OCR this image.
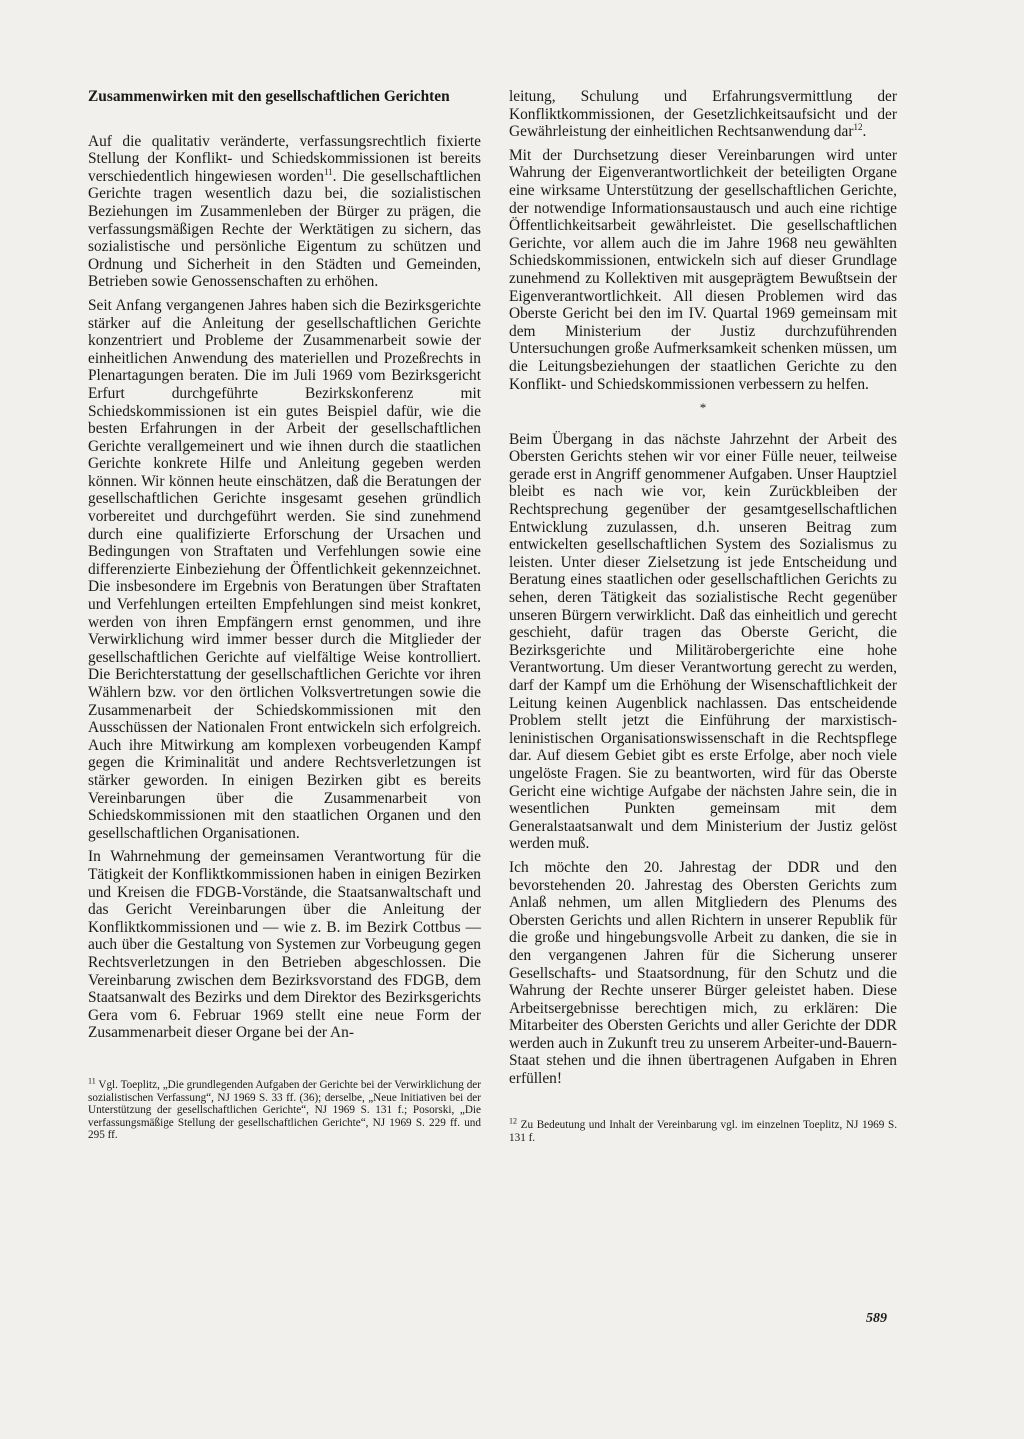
Zusammenwirken mit den gesellschaftlichen Gerichten

Auf die qualitativ veränderte, verfassungsrechtlich fixierte Stellung der Konflikt- und Schiedskommissionen ist bereits verschiedentlich hingewiesen worden$^{11}$. Die gesellschaftlichen Gerichte tragen wesentlich dazu bei, die sozialistischen Beziehungen im Zusammenleben der Bürger zu prägen, die verfassungsmäßigen Rechte der Werktätigen zu sichern, das sozialistische und persönliche Eigentum zu schützen und Ordnung und Sicherheit in den Städten und Gemeinden, Betrieben sowie Genossenschaften zu erhöhen.

Seit Anfang vergangenen Jahres haben sich die Bezirksgerichte stärker auf die Anleitung der gesellschaftlichen Gerichte konzentriert und Probleme der Zusammenarbeit sowie der einheitlichen Anwendung des materiellen und Prozeßrechts in Plenartagungen beraten. Die im Juli 1969 vom Bezirksgericht Erfurt durchgeführte Bezirkskonferenz mit Schiedskommissionen ist ein gutes Beispiel dafür, wie die besten Erfahrungen in der Arbeit der gesellschaftlichen Gerichte verallgemeinert und wie ihnen durch die staatlichen Gerichte konkrete Hilfe und Anleitung gegeben werden können. Wir können heute einschätzen, daß die Beratungen der gesellschaftlichen Gerichte insgesamt gesehen gründlich vorbereitet und durchgeführt werden. Sie sind zunehmend durch eine qualifizierte Erforschung der Ursachen und Bedingungen von Straftaten und Verfehlungen sowie eine differenzierte Einbeziehung der Öffentlichkeit gekennzeichnet. Die insbesondere im Ergebnis von Beratungen über Straftaten und Verfehlungen erteilten Empfehlungen sind meist konkret, werden von ihren Empfängern ernst genommen, und ihre Verwirklichung wird immer besser durch die Mitglieder der gesellschaftlichen Gerichte auf vielfältige Weise kontrolliert. Die Berichterstattung der gesellschaftlichen Gerichte vor ihren Wählern bzw. vor den örtlichen Volksvertretungen sowie die Zusammenarbeit der Schiedskommissionen mit den Ausschüssen der Nationalen Front entwickeln sich erfolgreich. Auch ihre Mitwirkung am komplexen vorbeugenden Kampf gegen die Kriminalität und andere Rechtsverletzungen ist stärker geworden. In einigen Bezirken gibt es bereits Vereinbarungen über die Zusammenarbeit von Schiedskommissionen mit den staatlichen Organen und den gesellschaftlichen Organisationen.

In Wahrnehmung der gemeinsamen Verantwortung für die Tätigkeit der Konfliktkommissionen haben in einigen Bezirken und Kreisen die FDGB-Vorstände, die Staatsanwaltschaft und das Gericht Vereinbarungen über die Anleitung der Konfliktkommissionen und — wie z. B. im Bezirk Cottbus — auch über die Gestaltung von Systemen zur Vorbeugung gegen Rechtsverletzungen in den Betrieben abgeschlossen. Die Vereinbarung zwischen dem Bezirksvorstand des FDGB, dem Staatsanwalt des Bezirks und dem Direktor des Bezirksgerichts Gera vom 6. Februar 1969 stellt eine neue Form der Zusammenarbeit dieser Organe bei der An-

leitung, Schulung und Erfahrungsvermittlung der Konfliktkommissionen, der Gesetzlichkeitsaufsicht und der Gewährleistung der einheitlichen Rechtsanwendung dar$^{12}$.

Mit der Durchsetzung dieser Vereinbarungen wird unter Wahrung der Eigenverantwortlichkeit der beteiligten Organe eine wirksame Unterstützung der gesellschaftlichen Gerichte, der notwendige Informationsaustausch und auch eine richtige Öffentlichkeitsarbeit gewährleistet. Die gesellschaftlichen Gerichte, vor allem auch die im Jahre 1968 neu gewählten Schiedskommissionen, entwickeln sich auf dieser Grundlage zunehmend zu Kollektiven mit ausgeprägtem Bewußtsein der Eigenverantwortlichkeit. All diesen Problemen wird das Oberste Gericht bei den im IV. Quartal 1969 gemeinsam mit dem Ministerium der Justiz durchzuführenden Untersuchungen große Aufmerksamkeit schenken müssen, um die Leitungsbeziehungen der staatlichen Gerichte zu den Konflikt- und Schiedskommissionen verbessern zu helfen.

*

Beim Übergang in das nächste Jahrzehnt der Arbeit des Obersten Gerichts stehen wir vor einer Fülle neuer, teilweise gerade erst in Angriff genommener Aufgaben. Unser Hauptziel bleibt es nach wie vor, kein Zurückbleiben der Rechtsprechung gegenüber der gesamtgesellschaftlichen Entwicklung zuzulassen, d.h. unseren Beitrag zum entwickelten gesellschaftlichen System des Sozialismus zu leisten. Unter dieser Zielsetzung ist jede Entscheidung und Beratung eines staatlichen oder gesellschaftlichen Gerichts zu sehen, deren Tätigkeit das sozialistische Recht gegenüber unseren Bürgern verwirklicht. Daß das einheitlich und gerecht geschieht, dafür tragen das Oberste Gericht, die Bezirksgerichte und Militärobergerichte eine hohe Verantwortung. Um dieser Verantwortung gerecht zu werden, darf der Kampf um die Erhöhung der Wisenschaftlichkeit der Leitung keinen Augenblick nachlassen. Das entscheidende Problem stellt jetzt die Einführung der marxistisch-leninistischen Organisationswissenschaft in die Rechtspflege dar. Auf diesem Gebiet gibt es erste Erfolge, aber noch viele ungelöste Fragen. Sie zu beantworten, wird für das Oberste Gericht eine wichtige Aufgabe der nächsten Jahre sein, die in wesentlichen Punkten gemeinsam mit dem Generalstaatsanwalt und dem Ministerium der Justiz gelöst werden muß.

Ich möchte den 20. Jahrestag der DDR und den bevorstehenden 20. Jahrestag des Obersten Gerichts zum Anlaß nehmen, um allen Mitgliedern des Plenums des Obersten Gerichts und allen Richtern in unserer Republik für die große und hingebungsvolle Arbeit zu danken, die sie in den vergangenen Jahren für die Sicherung unserer Gesellschafts- und Staatsordnung, für den Schutz und die Wahrung der Rechte unserer Bürger geleistet haben. Diese Arbeitsergebnisse berechtigen mich, zu erklären: Die Mitarbeiter des Obersten Gerichts und aller Gerichte der DDR werden auch in Zukunft treu zu unserem Arbeiter-und-Bauern-Staat stehen und die ihnen übertragenen Aufgaben in Ehren erfüllen!

$^{11}$ Vgl. Toeplitz, „Die grundlegenden Aufgaben der Gerichte bei der Verwirklichung der sozialistischen Verfassung“, NJ 1969 S. 33 ff. (36); derselbe, „Neue Initiativen bei der Unterstützung der gesellschaftlichen Gerichte“, NJ 1969 S. 131 f.; Posorski, „Die verfassungsmäßige Stellung der gesellschaftlichen Gerichte“, NJ 1969 S. 229 ff. und 295 ff.
$^{12}$ Zu Bedeutung und Inhalt der Vereinbarung vgl. im einzelnen Toeplitz, NJ 1969 S. 131 f.
589
